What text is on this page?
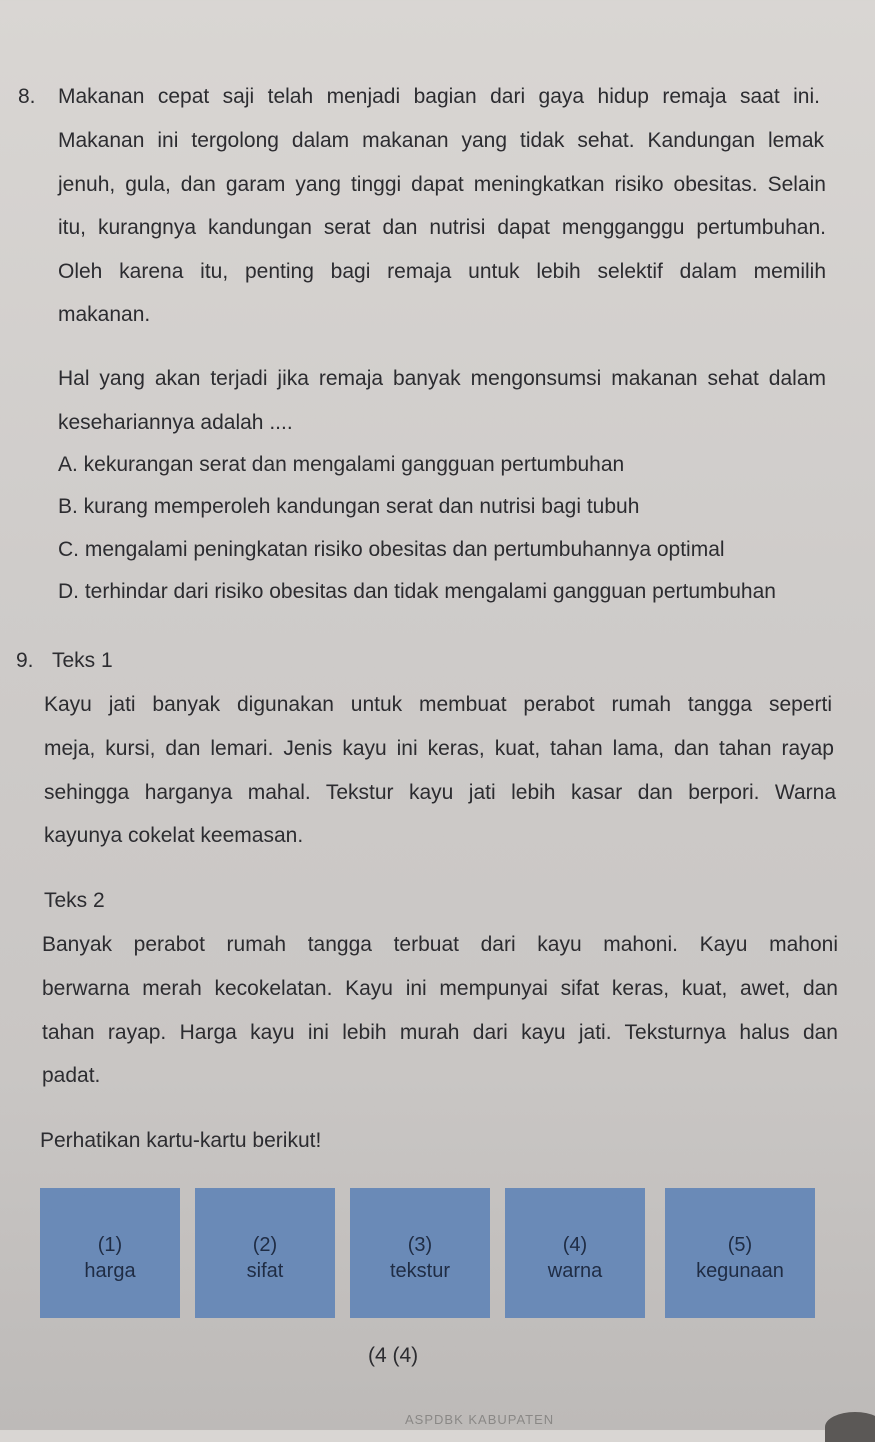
8. Makanan cepat saji telah menjadi bagian dari gaya hidup remaja saat ini.
Makanan ini tergolong dalam makanan yang tidak sehat. Kandungan lemak
jenuh, gula, dan garam yang tinggi dapat meningkatkan risiko obesitas. Selain
itu, kurangnya kandungan serat dan nutrisi dapat mengganggu pertumbuhan.
Oleh karena itu, penting bagi remaja untuk lebih selektif dalam memilih
makanan.
Hal yang akan terjadi jika remaja banyak mengonsumsi makanan sehat dalam
kesehariannya adalah ....
A. kekurangan serat dan mengalami gangguan pertumbuhan
B. kurang memperoleh kandungan serat dan nutrisi bagi tubuh
C. mengalami peningkatan risiko obesitas dan pertumbuhannya optimal
D. terhindar dari risiko obesitas dan tidak mengalami gangguan pertumbuhan
9. Teks 1
Kayu jati banyak digunakan untuk membuat perabot rumah tangga seperti
meja, kursi, dan lemari. Jenis kayu ini keras, kuat, tahan lama, dan tahan rayap
sehingga harganya mahal. Tekstur kayu jati lebih kasar dan berpori. Warna
kayunya cokelat keemasan.
Teks 2
Banyak perabot rumah tangga terbuat dari kayu mahoni. Kayu mahoni
berwarna merah kecokelatan. Kayu ini mempunyai sifat keras, kuat, awet, dan
tahan rayap. Harga kayu ini lebih murah dari kayu jati. Teksturnya halus dan
padat.
Perhatikan kartu-kartu berikut!
(1)
harga
(2)
sifat
(3)
tekstur
(4)
warna
(5)
kegunaan
(4 (4)
ASPDBK KABUPATEN
